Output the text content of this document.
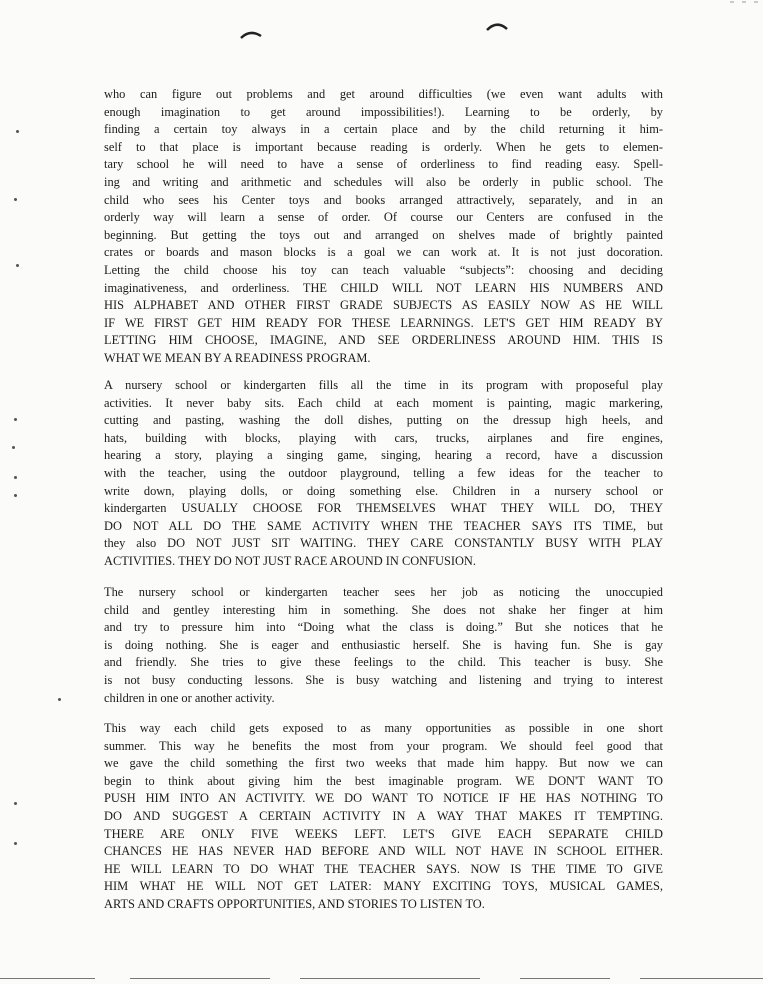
who can figure out problems and get around difficulties (we even want adults with
enough imagination to get around impossibilities!). Learning to be orderly, by
finding a certain toy always in a certain place and by the child returning it him-
self to that place is important because reading is orderly. When he gets to elemen-
tary school he will need to have a sense of orderliness to find reading easy. Spell-
ing and writing and arithmetic and schedules will also be orderly in public school. The
child who sees his Center toys and books arranged attractively, separately, and in an
orderly way will learn a sense of order. Of course our Centers are confused in the
beginning. But getting the toys out and arranged on shelves made of brightly painted
crates or boards and mason blocks is a goal we can work at. It is not just docoration.
Letting the child choose his toy can teach valuable “subjects”: choosing and deciding
imaginativeness, and orderliness. THE CHILD WILL NOT LEARN HIS NUMBERS AND
HIS ALPHABET AND OTHER FIRST GRADE SUBJECTS AS EASILY NOW AS HE WILL
IF WE FIRST GET HIM READY FOR THESE LEARNINGS. LET'S GET HIM READY BY
LETTING HIM CHOOSE, IMAGINE, AND SEE ORDERLINESS AROUND HIM. THIS IS
WHAT WE MEAN BY A READINESS PROGRAM.
A nursery school or kindergarten fills all the time in its program with proposeful play
activities. It never baby sits. Each child at each moment is painting, magic markering,
cutting and pasting, washing the doll dishes, putting on the dressup high heels, and
hats, building with blocks, playing with cars, trucks, airplanes and fire engines,
hearing a story, playing a singing game, singing, hearing a record, have a discussion
with the teacher, using the outdoor playground, telling a few ideas for the teacher to
write down, playing dolls, or doing something else. Children in a nursery school or
kindergarten USUALLY CHOOSE FOR THEMSELVES WHAT THEY WILL DO, THEY
DO NOT ALL DO THE SAME ACTIVITY WHEN THE TEACHER SAYS ITS TIME, but
they also DO NOT JUST SIT WAITING. THEY CARE CONSTANTLY BUSY WITH PLAY
ACTIVITIES. THEY DO NOT JUST RACE AROUND IN CONFUSION.
The nursery school or kindergarten teacher sees her job as noticing the unoccupied
child and gentley interesting him in something. She does not shake her finger at him
and try to pressure him into “Doing what the class is doing.” But she notices that he
is doing nothing. She is eager and enthusiastic herself. She is having fun. She is gay
and friendly. She tries to give these feelings to the child. This teacher is busy. She
is not busy conducting lessons. She is busy watching and listening and trying to interest
children in one or another activity.
This way each child gets exposed to as many opportunities as possible in one short
summer. This way he benefits the most from your program. We should feel good that
we gave the child something the first two weeks that made him happy. But now we can
begin to think about giving him the best imaginable program. WE DON'T WANT TO
PUSH HIM INTO AN ACTIVITY. WE DO WANT TO NOTICE IF HE HAS NOTHING TO
DO AND SUGGEST A CERTAIN ACTIVITY IN A WAY THAT MAKES IT TEMPTING.
THERE ARE ONLY FIVE WEEKS LEFT. LET'S GIVE EACH SEPARATE CHILD
CHANCES HE HAS NEVER HAD BEFORE AND WILL NOT HAVE IN SCHOOL EITHER.
HE WILL LEARN TO DO WHAT THE TEACHER SAYS. NOW IS THE TIME TO GIVE
HIM WHAT HE WILL NOT GET LATER: MANY EXCITING TOYS, MUSICAL GAMES,
ARTS AND CRAFTS OPPORTUNITIES, AND STORIES TO LISTEN TO.
